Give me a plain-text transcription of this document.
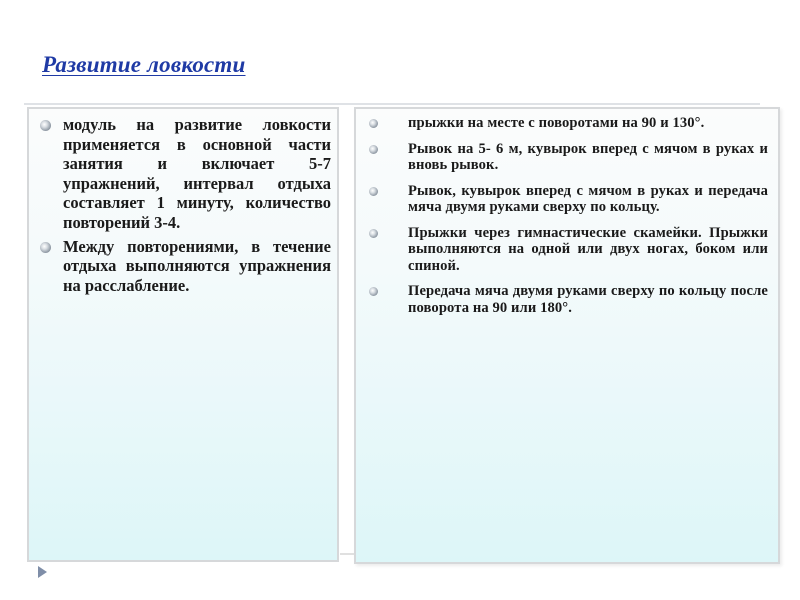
Развитие ловкости
модуль на развитие ловкости применяется в основной части занятия и включает 5-7 упражнений, интервал отдыха составляет 1 минуту, количество повторений 3-4.
Между повторениями, в течение отдыха выполняются упражнения на расслабление.
прыжки на месте с поворотами на 90 и 130°.
Рывок на 5- 6 м, кувырок вперед с мячом в руках и вновь рывок.
Рывок, кувырок вперед с мячом в руках и передача мяча двумя руками сверху по кольцу.
Прыжки через гимнастические скамейки. Прыжки выполняются на одной или двух ногах, боком или спиной.
Передача мяча двумя руками сверху по кольцу после поворота на 90 или 180°.
